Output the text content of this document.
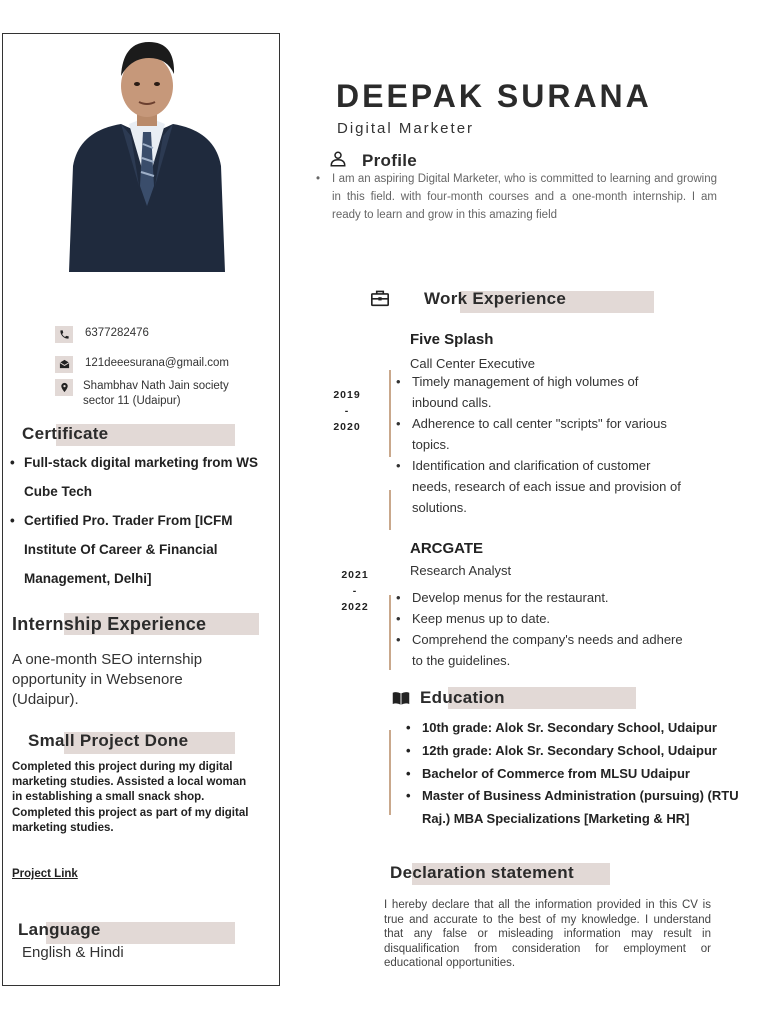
6377282476
121deeesurana@gmail.com
Shambhav Nath Jain society
sector 11 (Udaipur)
Certificate
• Full-stack digital marketing from WS Cube Tech
• Certified Pro. Trader From [ICFM Institute Of Career & Financial Management, Delhi]
Internship Experience
A one-month SEO internship opportunity in Websenore (Udaipur).
Small Project Done
Completed this project during my digital marketing studies. Assisted a local woman in establishing a small snack shop. Completed this project as part of my digital marketing studies.
Project Link
Language
English & Hindi
DEEPAK SURANA
Digital Marketer
Profile
• I am an aspiring Digital Marketer, who is committed to learning and growing in this field. with four-month courses and a one-month internship. I am ready to learn and grow in this amazing field
Work Experience
Five Splash
Call Center Executive
2019
-
2020
• Timely management of high volumes of inbound calls.
• Adherence to call center "scripts" for various topics.
• Identification and clarification of customer needs, research of each issue and provision of solutions.
ARCGATE
Research Analyst
2021
-
2022
• Develop menus for the restaurant.
• Keep menus up to date.
• Comprehend the company's needs and adhere to the guidelines.
Education
• 10th grade: Alok Sr. Secondary School, Udaipur
• 12th grade: Alok Sr. Secondary School, Udaipur
• Bachelor of Commerce from MLSU Udaipur
• Master of Business Administration (pursuing) (RTU Raj.) MBA Specializations [Marketing & HR]
Declaration statement
I hereby declare that all the information provided in this CV is true and accurate to the best of my knowledge. I understand that any false or misleading information may result in disqualification from consideration for employment or educational opportunities.
